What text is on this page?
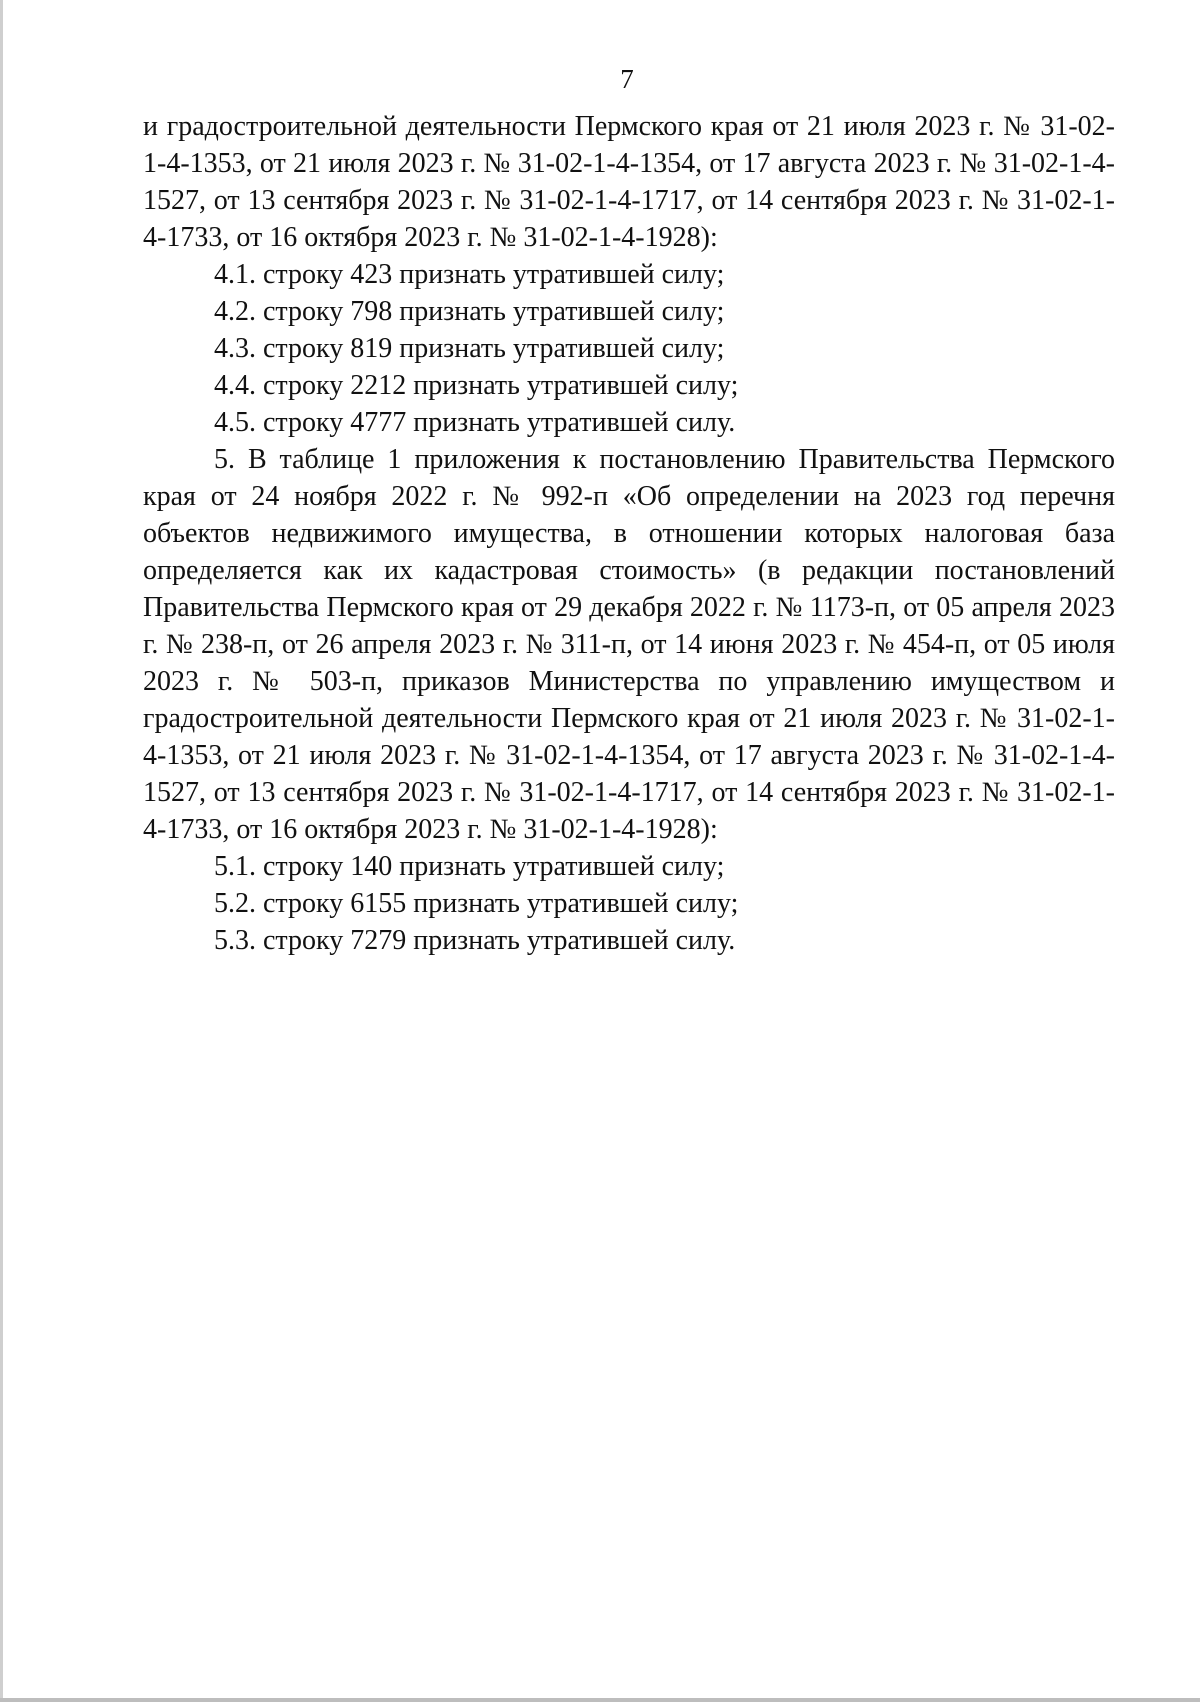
7

и градостроительной деятельности Пермского края от 21 июля 2023 г. № 31-02-1-4-1353, от 21 июля 2023 г. № 31-02-1-4-1354, от 17 августа 2023 г. № 31-02-1-4-1527, от 13 сентября 2023 г. № 31-02-1-4-1717, от 14 сентября 2023 г. № 31-02-1-4-1733, от 16 октября 2023 г. № 31-02-1-4-1928):

4.1. строку 423 признать утратившей силу;

4.2. строку 798 признать утратившей силу;

4.3. строку 819 признать утратившей силу;

4.4. строку 2212 признать утратившей силу;

4.5. строку 4777 признать утратившей силу.

5. В таблице 1 приложения к постановлению Правительства Пермского края от 24 ноября 2022 г. № 992-п «Об определении на 2023 год перечня объектов недвижимого имущества, в отношении которых налоговая база определяется как их кадастровая стоимость» (в редакции постановлений Правительства Пермского края от 29 декабря 2022 г. № 1173-п, от 05 апреля 2023 г. № 238-п, от 26 апреля 2023 г. № 311-п, от 14 июня 2023 г. № 454-п, от 05 июля 2023 г. № 503-п, приказов Министерства по управлению имуществом и градостроительной деятельности Пермского края от 21 июля 2023 г. № 31-02-1-4-1353, от 21 июля 2023 г. № 31-02-1-4-1354, от 17 августа 2023 г. № 31-02-1-4-1527, от 13 сентября 2023 г. № 31-02-1-4-1717, от 14 сентября 2023 г. № 31-02-1-4-1733, от 16 октября 2023 г. № 31-02-1-4-1928):

5.1. строку 140 признать утратившей силу;

5.2. строку 6155 признать утратившей силу;

5.3. строку 7279 признать утратившей силу.
